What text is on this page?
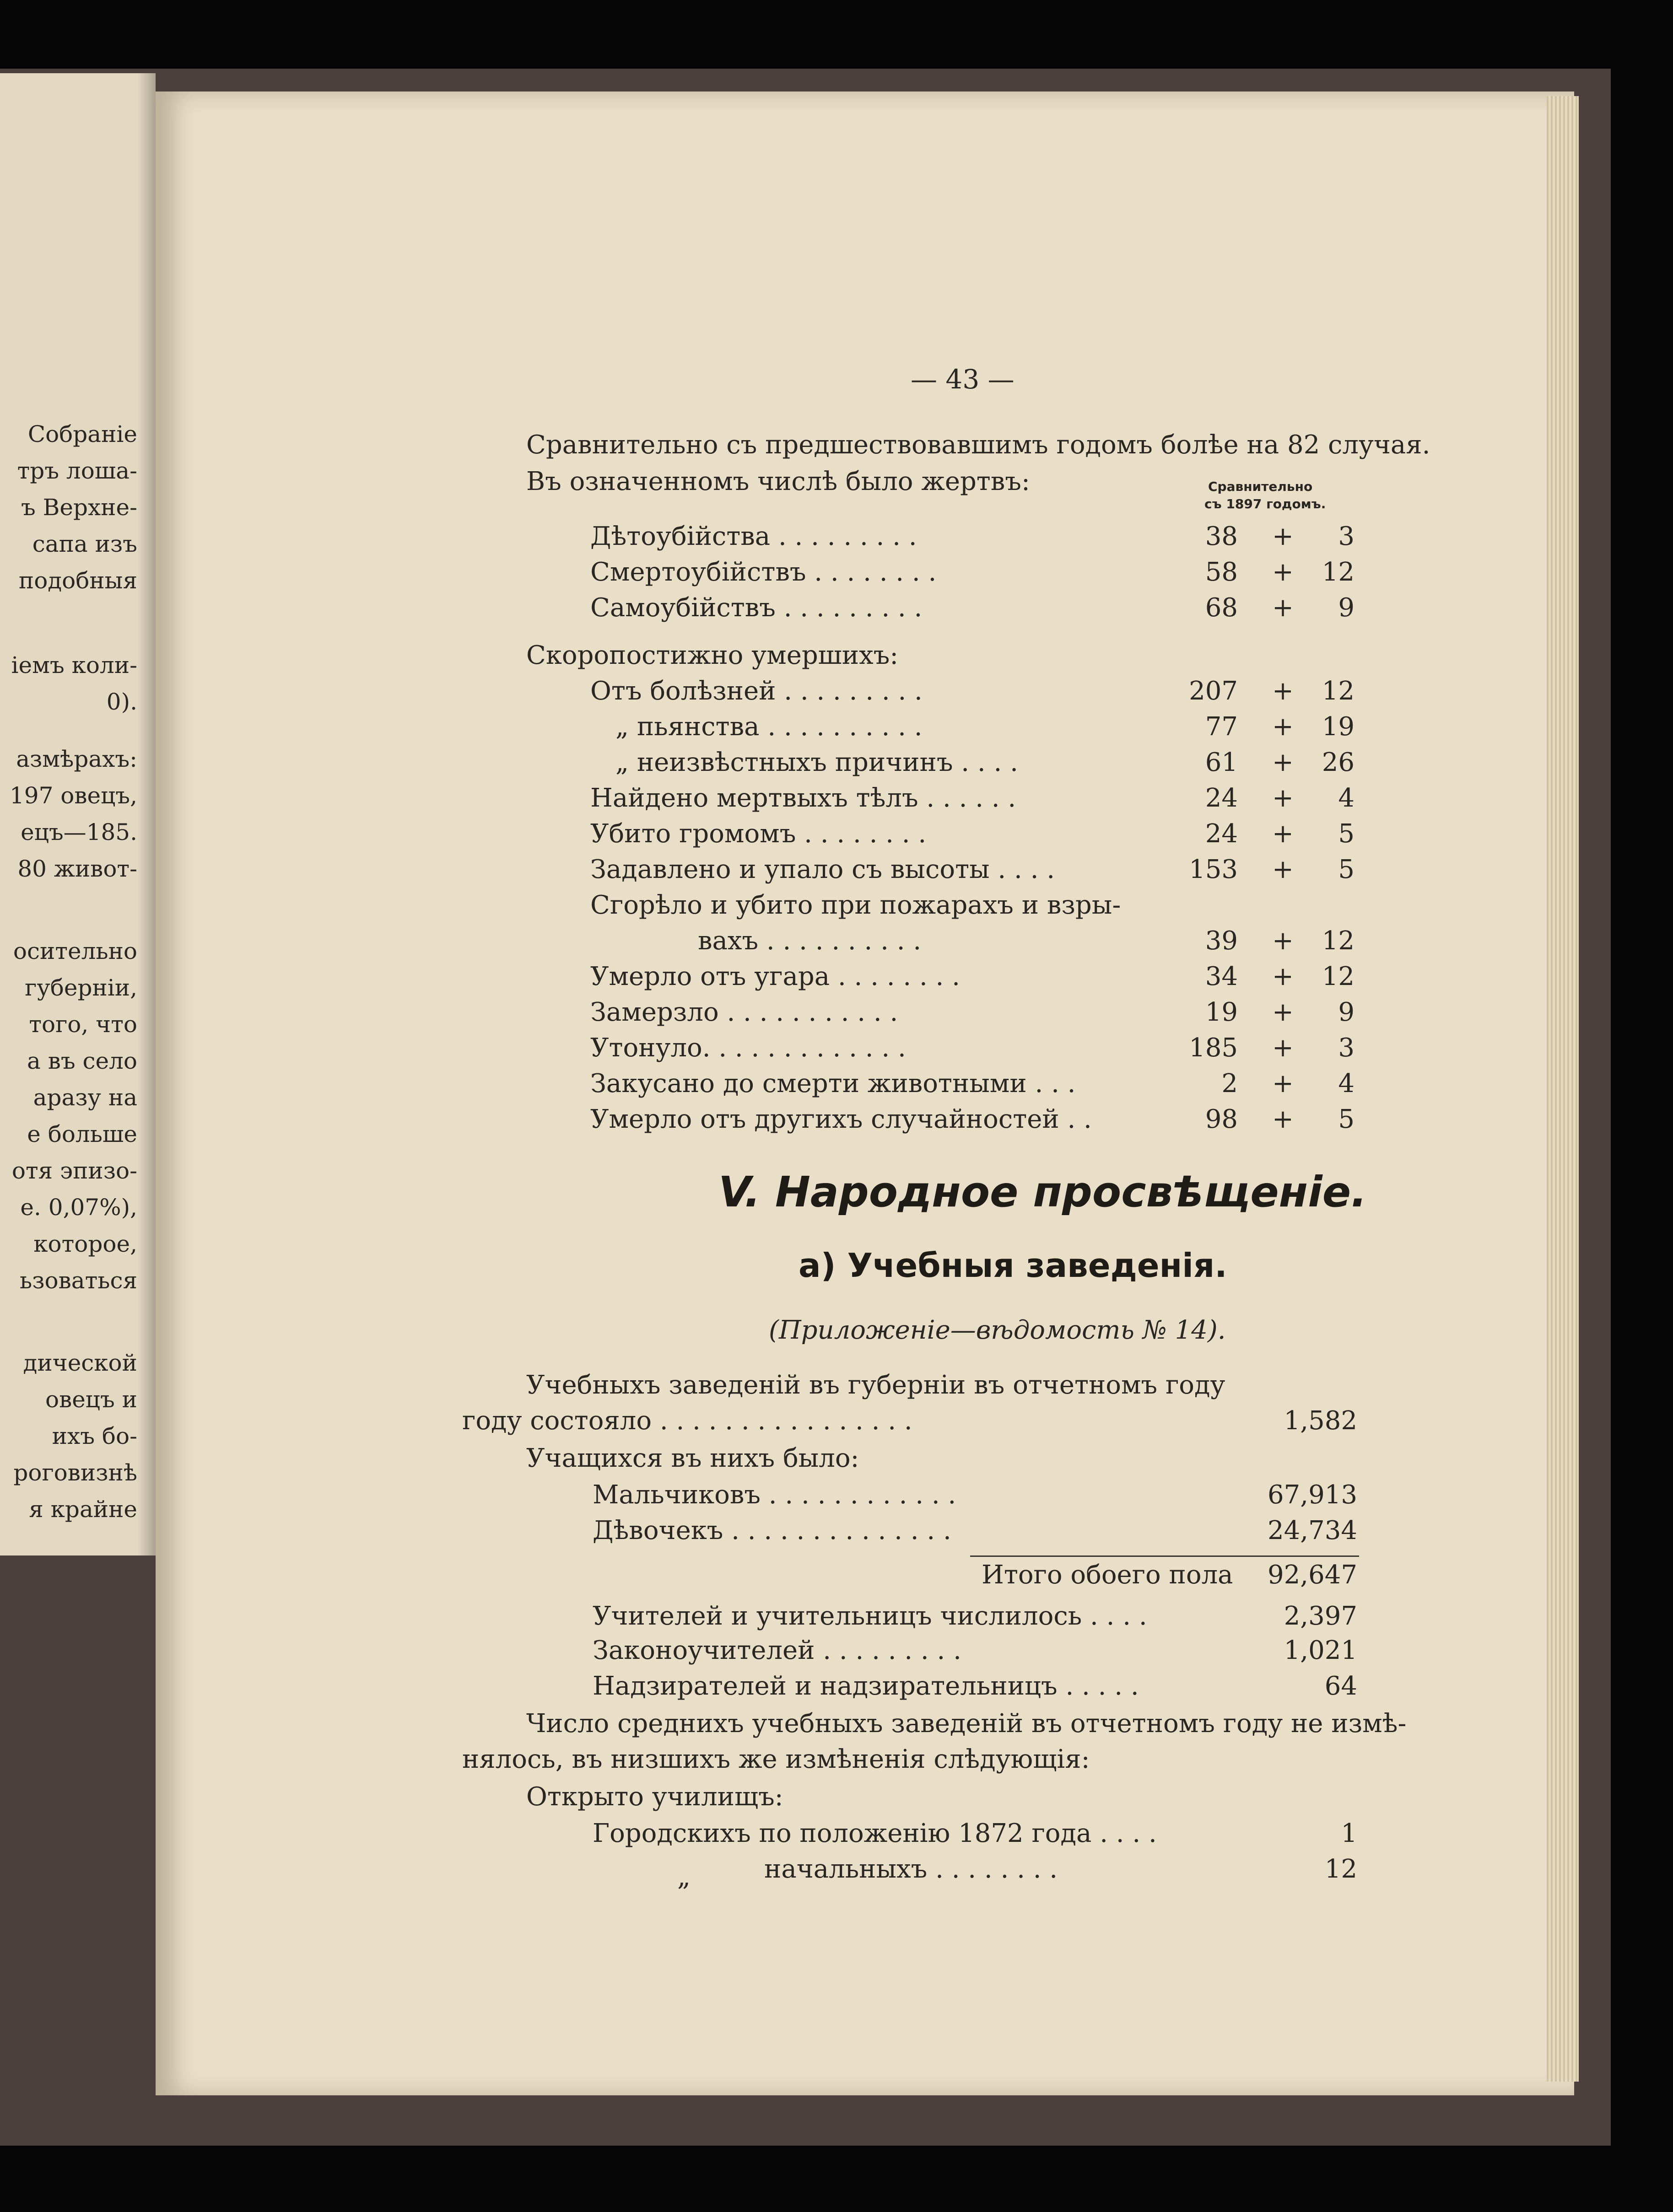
Собраніе
тръ лоша-
ъ Верхне-
сапа изъ
подобныя
іемъ коли-
0).
азмѣрахъ:
197 овецъ,
ецъ—185.
80 живот-
осительно
губерніи,
того, что
а въ село
аразу на
е больше
отя эпизо-
е. 0,07%),
которое,
ьзоваться
дической
овецъ и
ихъ бо-
роговизнѣ
я крайне
— 43 —
Сравнительно съ предшествовавшимъ годомъ болѣе на 82 случая.
Въ означенномъ числѣ было жертвъ:	Сравнительно
съ 1897 годомъ.
Дѣтоубійства . . . . . . . . .	38 + 3
Смертоубійствъ . . . . . . . .	58 + 12
Самоубійствъ . . . . . . . . .	68 + 9
Скоропостижно умершихъ:
Отъ болѣзней . . . . . . . . .	207 + 12
„ пьянства . . . . . . . . . .	77 + 19
„ неизвѣстныхъ причинъ . . . .	61 + 26
Найдено мертвыхъ тѣлъ . . . . . .	24 + 4
Убито громомъ . . . . . . . .	24 + 5
Задавлено и упало съ высоты . . . .	153 + 5
Сгорѣло и убито при пожарахъ и взры-
вахъ . . . . . . . . . .	39 + 12
Умерло отъ угара . . . . . . . .	34 + 12
Замерзло . . . . . . . . . . .	19 + 9
Утонуло. . . . . . . . . . . . .	185 + 3
Закусано до смерти животными . . .	2 + 4
Умерло отъ другихъ случайностей . .	98 + 5
V. Народное просвѣщеніе.
а) Учебныя заведенія.
(Приложеніе—вѣдомость № 14).
Учебныхъ заведеній въ губерніи въ отчетномъ году
году состояло . . . . . . . . . . . . . . . .	1,582
Учащихся въ нихъ было:
Мальчиковъ . . . . . . . . . . . .	67,913
Дѣвочекъ . . . . . . . . . . . . . .	24,734
Итого обоего пола 92,647
Учителей и учительницъ числилось . . . .	2,397
Законоучителей . . . . . . . . .	1,021
Надзирателей и надзирательницъ . . . . .	64
Число среднихъ учебныхъ заведеній въ отчетномъ году не измѣ-
нялось, въ низшихъ же измѣненія слѣдующія:
Открыто училищъ:
Городскихъ по положенію 1872 года . . . .	1
„	начальныхъ . . . . . . . .	12
